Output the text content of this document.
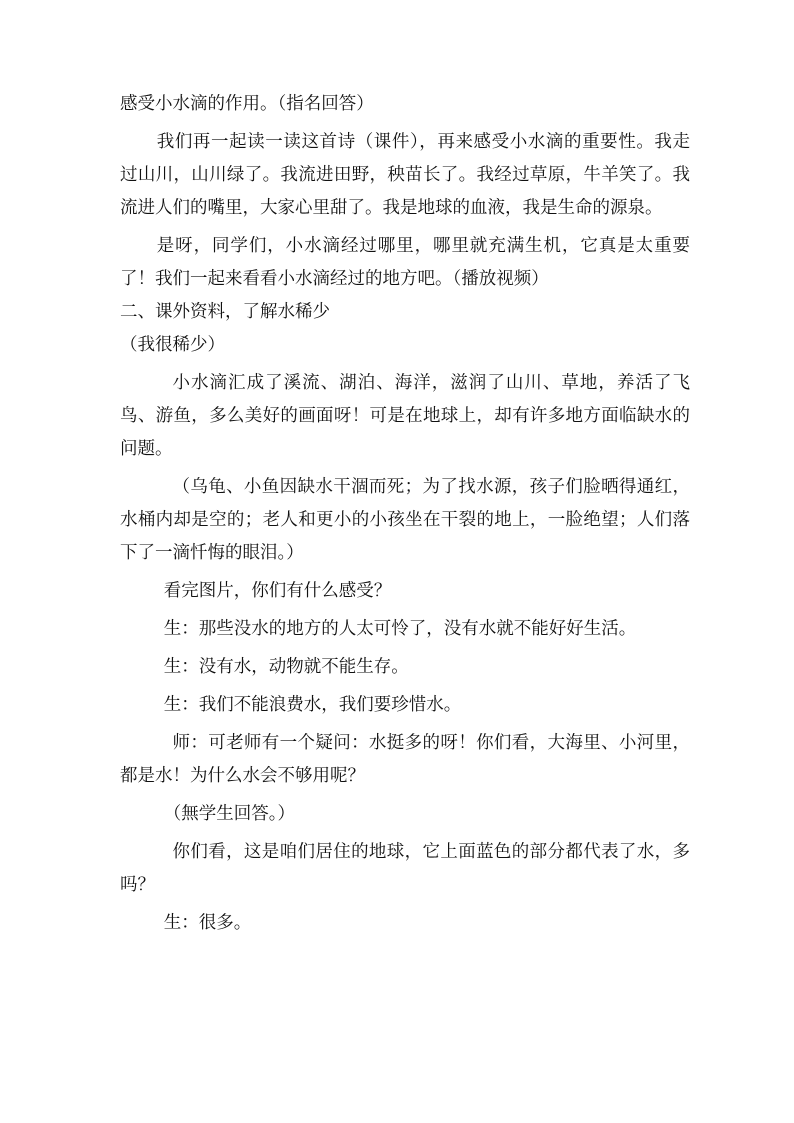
感受小水滴的作用。（指名回答）

我们再一起读一读这首诗（课件），再来感受小水滴的重要性。我走过山川，山川绿了。我流进田野，秧苗长了。我经过草原，牛羊笑了。我流进人们的嘴里，大家心里甜了。我是地球的血液，我是生命的源泉。

是呀，同学们，小水滴经过哪里，哪里就充满生机，它真是太重要了！我们一起来看看小水滴经过的地方吧。（播放视频）

二、课外资料，了解水稀少

（我很稀少）

小水滴汇成了溪流、湖泊、海洋，滋润了山川、草地，养活了飞鸟、游鱼，多么美好的画面呀！可是在地球上，却有许多地方面临缺水的问题。

（乌龟、小鱼因缺水干涸而死；为了找水源，孩子们脸晒得通红，水桶内却是空的；老人和更小的小孩坐在干裂的地上，一脸绝望；人们落下了一滴忏悔的眼泪。）

看完图片，你们有什么感受？

生：那些没水的地方的人太可怜了，没有水就不能好好生活。

生：没有水，动物就不能生存。

生：我们不能浪费水，我们要珍惜水。

师：可老师有一个疑问：水挺多的呀！你们看，大海里、小河里，都是水！为什么水会不够用呢？

（無学生回答。）

你们看，这是咱们居住的地球，它上面蓝色的部分都代表了水，多吗？

生：很多。
